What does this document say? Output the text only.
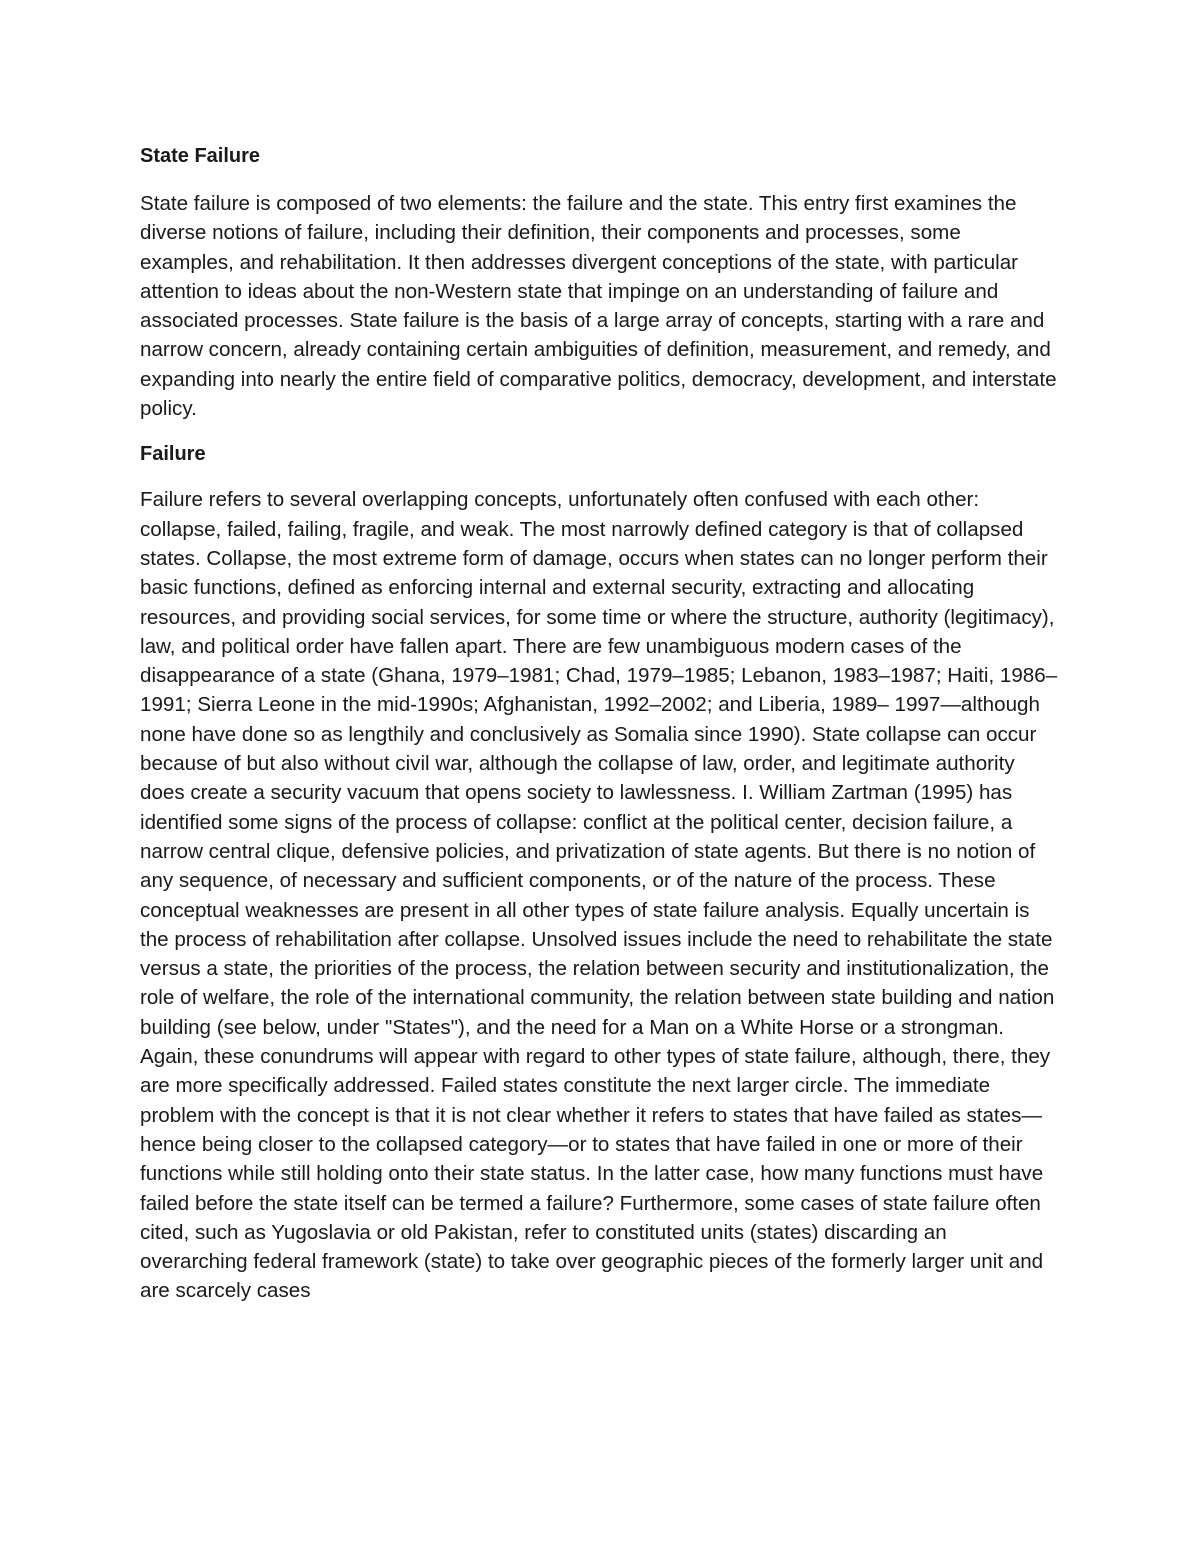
State Failure

State failure is composed of two elements: the failure and the state. This entry first examines the diverse notions of failure, including their definition, their components and processes, some examples, and rehabilitation. It then addresses divergent conceptions of the state, with particular attention to ideas about the non-Western state that impinge on an understanding of failure and associated processes. State failure is the basis of a large array of concepts, starting with a rare and narrow concern, already containing certain ambiguities of definition, measurement, and remedy, and expanding into nearly the entire field of comparative politics, democracy, development, and interstate policy.

Failure

Failure refers to several overlapping concepts, unfortunately often confused with each other: collapse, failed, failing, fragile, and weak. The most narrowly defined category is that of collapsed states. Collapse, the most extreme form of damage, occurs when states can no longer perform their basic functions, defined as enforcing internal and external security, extracting and allocating resources, and providing social services, for some time or where the structure, authority (legitimacy), law, and political order have fallen apart. There are few unambiguous modern cases of the disappearance of a state (Ghana, 1979–1981; Chad, 1979–1985; Lebanon, 1983–1987; Haiti, 1986–1991; Sierra Leone in the mid-1990s; Afghanistan, 1992–2002; and Liberia, 1989– 1997—although none have done so as lengthily and conclusively as Somalia since 1990). State collapse can occur because of but also without civil war, although the collapse of law, order, and legitimate authority does create a security vacuum that opens society to lawlessness. I. William Zartman (1995) has identified some signs of the process of collapse: conflict at the political center, decision failure, a narrow central clique, defensive policies, and privatization of state agents. But there is no notion of any sequence, of necessary and sufficient components, or of the nature of the process. These conceptual weaknesses are present in all other types of state failure analysis. Equally uncertain is the process of rehabilitation after collapse. Unsolved issues include the need to rehabilitate the state versus a state, the priorities of the process, the relation between security and institutionalization, the role of welfare, the role of the international community, the relation between state building and nation building (see below, under "States"), and the need for a Man on a White Horse or a strongman. Again, these conundrums will appear with regard to other types of state failure, although, there, they are more specifically addressed. Failed states constitute the next larger circle. The immediate problem with the concept is that it is not clear whether it refers to states that have failed as states—hence being closer to the collapsed category—or to states that have failed in one or more of their functions while still holding onto their state status. In the latter case, how many functions must have failed before the state itself can be termed a failure? Furthermore, some cases of state failure often cited, such as Yugoslavia or old Pakistan, refer to constituted units (states) discarding an overarching federal framework (state) to take over geographic pieces of the formerly larger unit and are scarcely cases
